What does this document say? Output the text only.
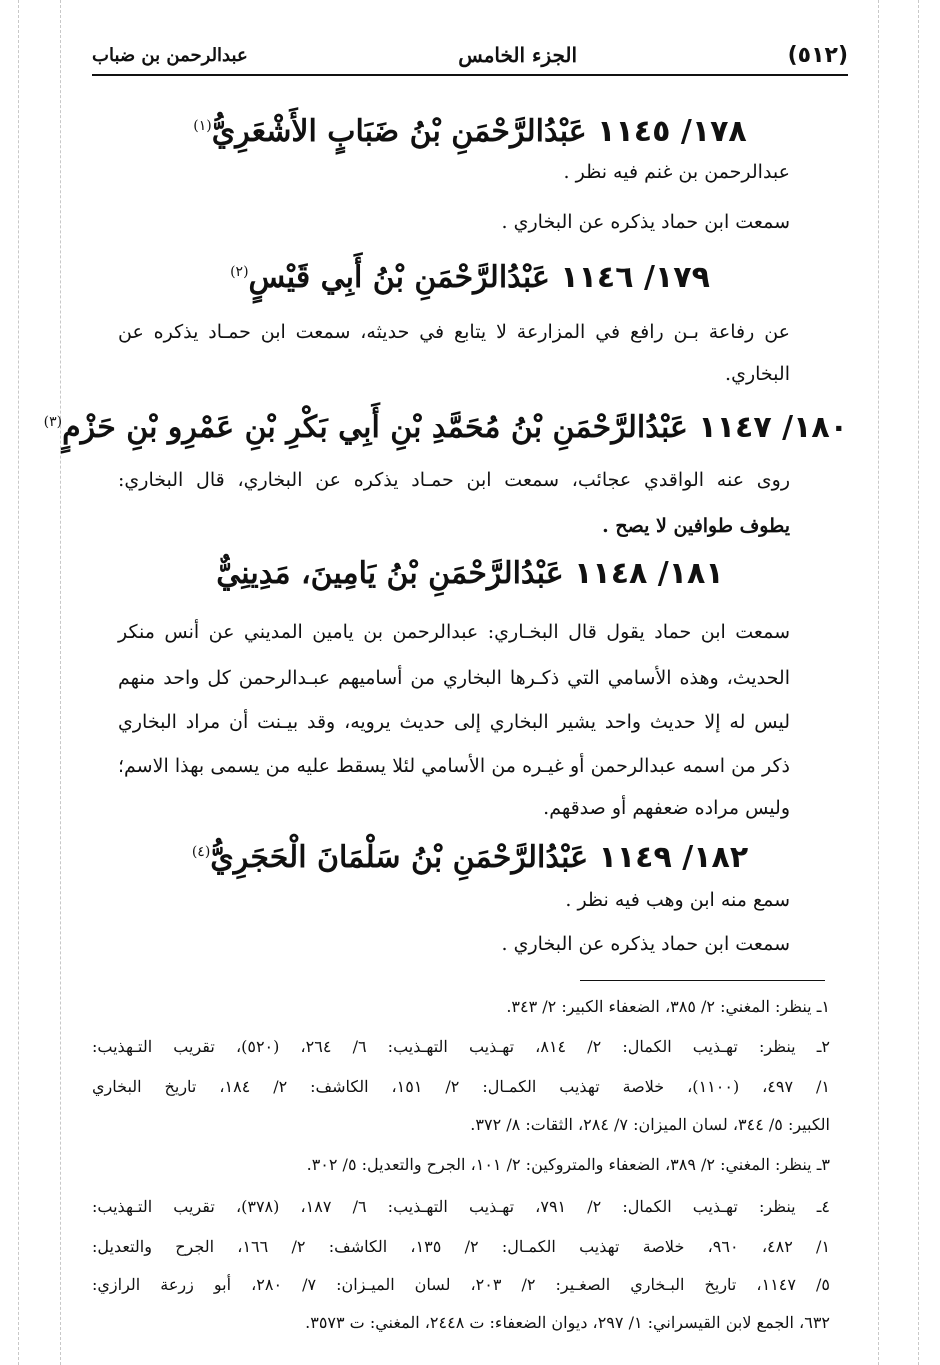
(٥١٢)
الجزء الخامس
عبدالرحمن بن ضباب
١٧٨/ ١١٤٥ عَبْدُالرَّحْمَنِ بْنُ ضَبَابٍ الأَشْعَرِيُّ$^{(١)}$
عبدالرحمن بن غنم فيه نظر .
سمعت ابن حماد يذكره عن البخاري .
١٧٩/ ١١٤٦ عَبْدُالرَّحْمَنِ بْنُ أَبِي قَيْسٍ$^{(٢)}$
عن رفاعة بـن رافع في المزارعة لا يتابع في حديثه، سمعت ابن حمـاد يذكره عن
البخاري.
١٨٠/ ١١٤٧ عَبْدُالرَّحْمَنِ بْنُ مُحَمَّدِ بْنِ أَبِي بَكْرِ بْنِ عَمْرِو بْنِ حَزْمٍ$^{(٣)}$
روى عنه الواقدي عجائب، سمعت ابن حمـاد يذكره عن البخاري، قال البخاري:
يطوف طوافين لا يصح .
١٨١/ ١١٤٨ عَبْدُالرَّحْمَنِ بْنُ يَامِينَ، مَدِينِيٌّ
سمعت ابن حماد يقول قال البخـاري: عبدالرحمن بن يامين المديني عن أنس منكر
الحديث، وهذه الأسامي التي ذكـرها البخاري من أساميهم عبـدالرحمن كل واحد منهم
ليس له إلا حديث واحد يشير البخاري إلى حديث يرويه، وقد بيـنت أن مراد البخاري
ذكر من اسمه عبدالرحمن أو غيـره من الأسامي لئلا يسقط عليه من يسمى بهذا الاسم؛
وليس مراده ضعفهم أو صدقهم.
١٨٢/ ١١٤٩ عَبْدُالرَّحْمَنِ بْنُ سَلْمَانَ الْحَجَرِيُّ$^{(٤)}$
سمع منه ابن وهب فيه نظر .
سمعت ابن حماد يذكره عن البخاري .
١ـ ينظر: المغني: ٢/ ٣٨٥، الضعفاء الكبير: ٢/ ٣٤٣.
٢ـ ينظر: تهـذيب الكمال: ٢/ ٨١٤، تهـذيب التهـذيب: ٦/ ٢٦٤، (٥٢٠)، تقريب التـهذيب:
١/ ٤٩٧، (١١٠٠)، خلاصة تهذيب الكمـال: ٢/ ١٥١، الكاشف: ٢/ ١٨٤، تاريخ البخاري
الكبير: ٥/ ٣٤٤، لسان الميزان: ٧/ ٢٨٤، الثقات: ٨/ ٣٧٢.
٣ـ ينظر: المغني: ٢/ ٣٨٩، الضعفاء والمتروكين: ٢/ ١٠١، الجرح والتعديل: ٥/ ٣٠٢.
٤ـ ينظر: تهـذيب الكمال: ٢/ ٧٩١، تهـذيب التهـذيب: ٦/ ١٨٧، (٣٧٨)، تقريب التـهذيب:
١/ ٤٨٢، ٩٦٠، خلاصة تهذيب الكمـال: ٢/ ١٣٥، الكاشف: ٢/ ١٦٦، الجرح والتعديل:
٥/ ١١٤٧، تاريخ البـخاري الصغـير: ٢/ ٢٠٣، لسان الميـزان: ٧/ ٢٨٠، أبو زرعة الرازي:
٦٣٢، الجمع لابن القيسراني: ١/ ٢٩٧، ديوان الضعفاء: ت ٢٤٤٨، المغني: ت ٣٥٧٣.
